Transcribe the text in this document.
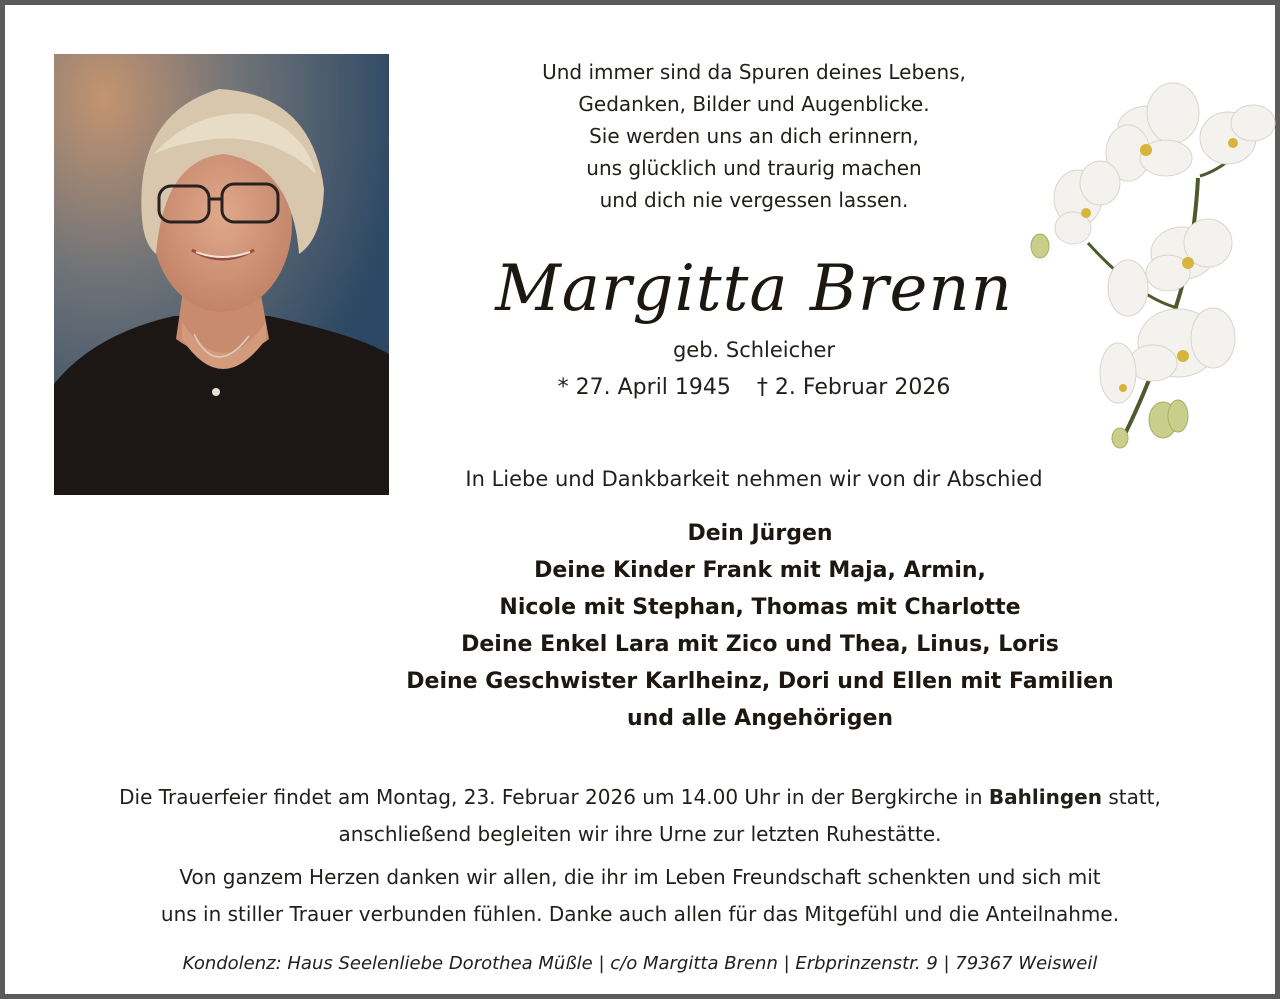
Und immer sind da Spuren deines Lebens,
Gedanken, Bilder und Augenblicke.
Sie werden uns an dich erinnern,
uns glücklich und traurig machen
und dich nie vergessen lassen.
Margitta Brenn
geb. Schleicher
* 27. April 1945 † 2. Februar 2026
In Liebe und Dankbarkeit nehmen wir von dir Abschied
Dein Jürgen
Deine Kinder Frank mit Maja, Armin,
Nicole mit Stephan, Thomas mit Charlotte
Deine Enkel Lara mit Zico und Thea, Linus, Loris
Deine Geschwister Karlheinz, Dori und Ellen mit Familien
und alle Angehörigen
Die Trauerfeier findet am Montag, 23. Februar 2026 um 14.00 Uhr in der Bergkirche in Bahlingen statt,
anschließend begleiten wir ihre Urne zur letzten Ruhestätte.
Von ganzem Herzen danken wir allen, die ihr im Leben Freundschaft schenkten und sich mit
uns in stiller Trauer verbunden fühlen. Danke auch allen für das Mitgefühl und die Anteilnahme.
Kondolenz: Haus Seelenliebe Dorothea Müßle | c/o Margitta Brenn | Erbprinzenstr. 9 | 79367 Weisweil
